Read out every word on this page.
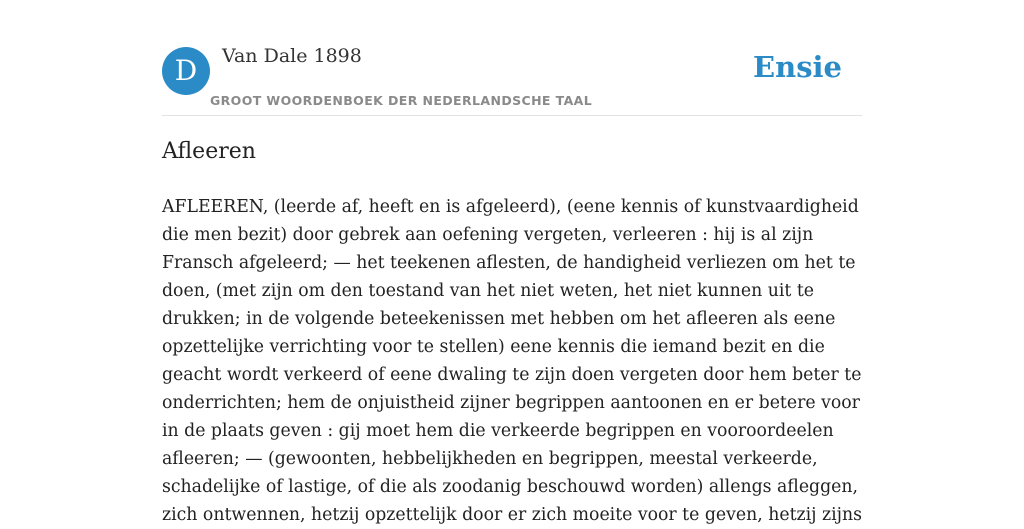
D	Van Dale 1898
GROOT WOORDENBOEK DER NEDERLANDSCHE TAAL
Ensie
Afleeren
AFLEEREN, (leerde af, heeft en is afgeleerd), (eene kennis of kunstvaardigheid
die men bezit) door gebrek aan oefening vergeten, verleeren : hij is al zijn
Fransch afgeleerd; — het teekenen aflesten, de handigheid verliezen om het te
doen, (met zijn om den toestand van het niet weten, het niet kunnen uit te
drukken; in de volgende beteekenissen met hebben om het afleeren als eene
opzettelijke verrichting voor te stellen) eene kennis die iemand bezit en die
geacht wordt verkeerd of eene dwaling te zijn doen vergeten door hem beter te
onderrichten; hem de onjuistheid zijner begrippen aantoonen en er betere voor
in de plaats geven : gij moet hem die verkeerde begrippen en vooroordeelen
afleeren; — (gewoonten, hebbelijkheden en begrippen, meestal verkeerde,
schadelijke of lastige, of die als zoodanig beschouwd worden) allengs afleggen,
zich ontwennen, hetzij opzettelijk door er zich moeite voor te geven, hetzij zijns
